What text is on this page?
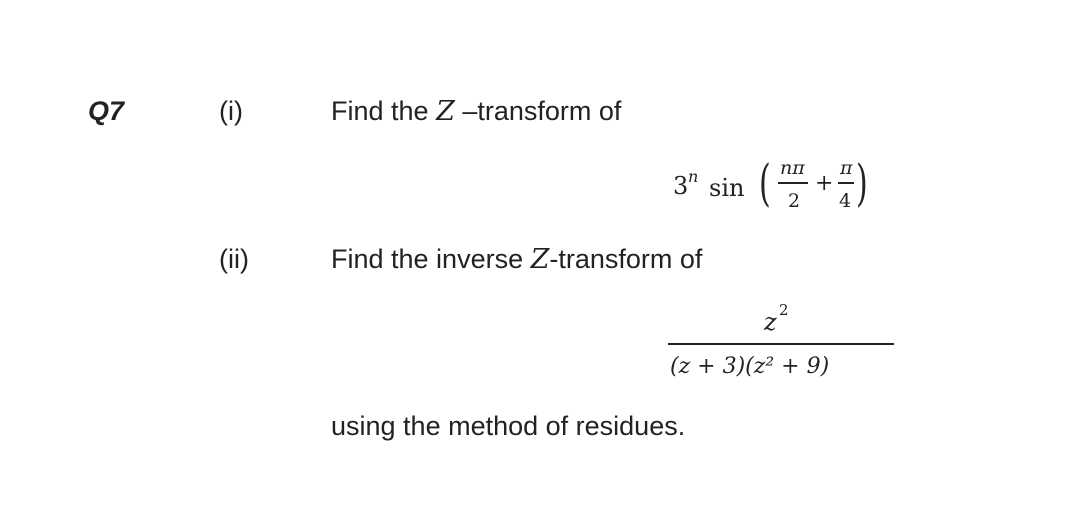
Q7	(i)	Find the Z –transform of
3 n sin ( nπ
2
+
π
4 )
(ii)	Find the inverse Z-transform of
z 2
(z + 3)(z² + 9)
using the method of residues.
